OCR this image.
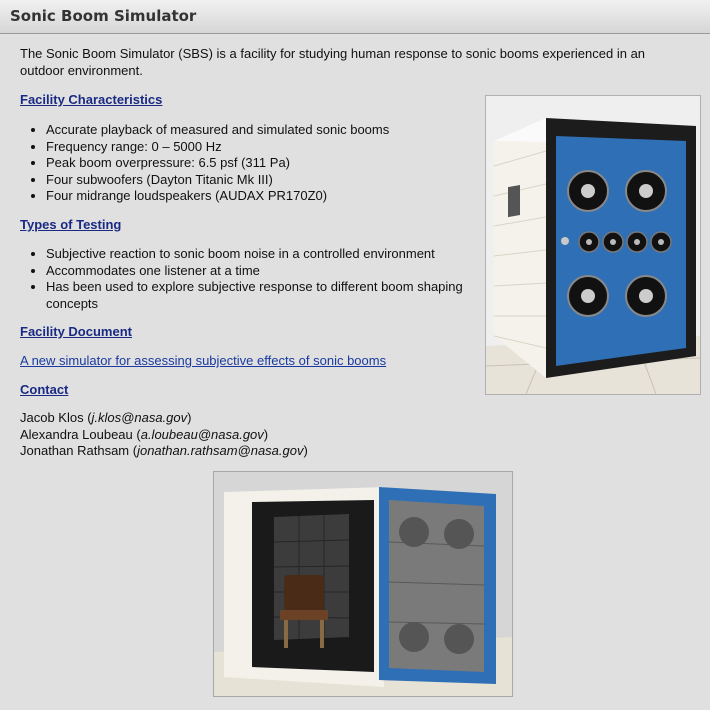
Sonic Boom Simulator

The Sonic Boom Simulator (SBS) is a facility for studying human response to sonic booms experienced in an outdoor environment.

Facility Characteristics
• Accurate playback of measured and simulated sonic booms
• Frequency range: 0 – 5000 Hz
• Peak boom overpressure: 6.5 psf (311 Pa)
• Four subwoofers (Dayton Titanic Mk III)
• Four midrange loudspeakers (AUDAX PR170Z0)
Types of Testing
• Subjective reaction to sonic boom noise in a controlled environment
• Accommodates one listener at a time
• Has been used to explore subjective response to different boom shaping concepts
Facility Document
A new simulator for assessing subjective effects of sonic booms
Contact
Jacob Klos (j.klos@nasa.gov)
Alexandra Loubeau (a.loubeau@nasa.gov)
Jonathan Rathsam (jonathan.rathsam@nasa.gov)
